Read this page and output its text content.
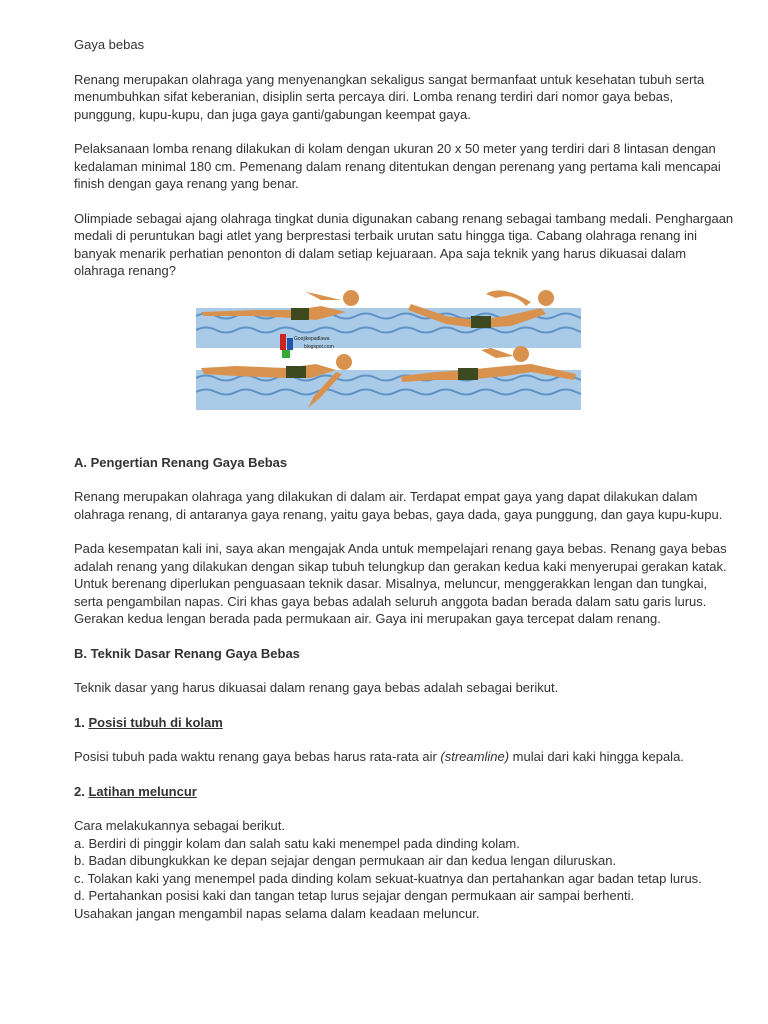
Gaya bebas

Renang merupakan olahraga yang menyenangkan sekaligus sangat bermanfaat untuk kesehatan tubuh serta menumbuhkan sifat keberanian, disiplin serta percaya diri. Lomba renang terdiri dari nomor gaya bebas, punggung, kupu-kupu, dan juga gaya ganti/gabungan keempat gaya.

Pelaksanaan lomba renang dilakukan di kolam dengan ukuran 20 x 50 meter yang terdiri dari 8 lintasan dengan kedalaman minimal 180 cm. Pemenang dalam renang ditentukan dengan perenang yang pertama kali mencapai finish dengan gaya renang yang benar.

Olimpiade sebagai ajang olahraga tingkat dunia digunakan cabang renang sebagai tambang medali. Penghargaan medali di peruntukan bagi atlet yang berprestasi terbaik urutan satu hingga tiga. Cabang olahraga renang ini banyak menarik perhatian penonton di dalam setiap kejuaraan. Apa saja teknik yang harus dikuasai dalam olahraga renang?

Goojikepadlawa
blogspot.com
A. Pengertian Renang Gaya Bebas

Renang merupakan olahraga yang dilakukan di dalam air. Terdapat empat gaya yang dapat dilakukan dalam olahraga renang, di antaranya gaya renang, yaitu gaya bebas, gaya dada, gaya punggung, dan gaya kupu-kupu.

Pada kesempatan kali ini, saya akan mengajak Anda untuk mempelajari renang gaya bebas. Renang gaya bebas adalah renang yang dilakukan dengan sikap tubuh telungkup dan gerakan kedua kaki menyerupai gerakan katak. Untuk berenang diperlukan penguasaan teknik dasar. Misalnya, meluncur, menggerakkan lengan dan tungkai, serta pengambilan napas. Ciri khas gaya bebas adalah seluruh anggota badan berada dalam satu garis lurus. Gerakan kedua lengan berada pada permukaan air. Gaya ini merupakan gaya tercepat dalam renang.

B. Teknik Dasar Renang Gaya Bebas

Teknik dasar yang harus dikuasai dalam renang gaya bebas adalah sebagai berikut.

1. Posisi tubuh di kolam

Posisi tubuh pada waktu renang gaya bebas harus rata-rata air (streamline) mulai dari kaki hingga kepala.

2. Latihan meluncur
Cara melakukannya sebagai berikut.
a. Berdiri di pinggir kolam dan salah satu kaki menempel pada dinding kolam.
b. Badan dibungkukkan ke depan sejajar dengan permukaan air dan kedua lengan diluruskan.
c. Tolakan kaki yang menempel pada dinding kolam sekuat-kuatnya dan pertahankan agar badan tetap lurus.
d. Pertahankan posisi kaki dan tangan tetap lurus sejajar dengan permukaan air sampai berhenti.
Usahakan jangan mengambil napas selama dalam keadaan meluncur.
